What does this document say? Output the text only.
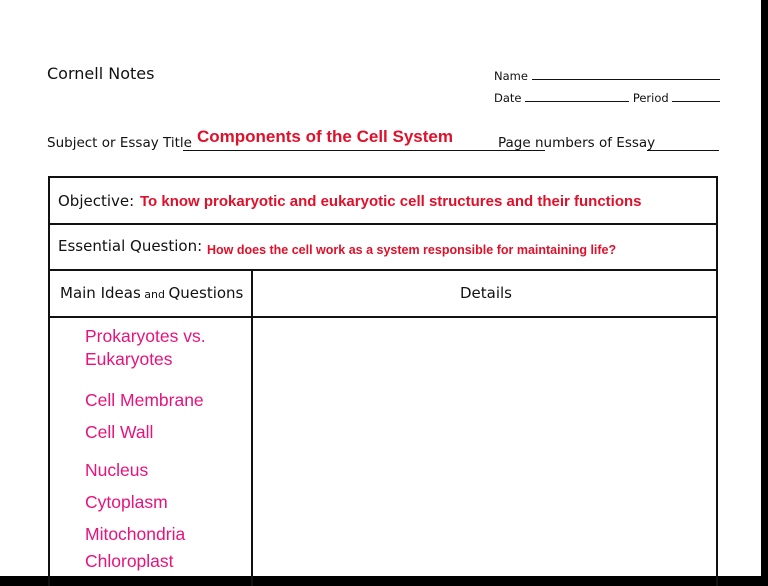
Cornell Notes	Name
Date	Period
Subject or Essay Title Components of the Cell System	Page numbers of Essay
Objective: To know prokaryotic and eukaryotic cell structures and their functions
Essential Question: How does the cell work as a system responsible for maintaining life?
Main Ideas and Questions	Details
Prokaryotes vs.
Eukaryotes
Cell Membrane
Cell Wall
Nucleus
Cytoplasm
Mitochondria
Chloroplast
